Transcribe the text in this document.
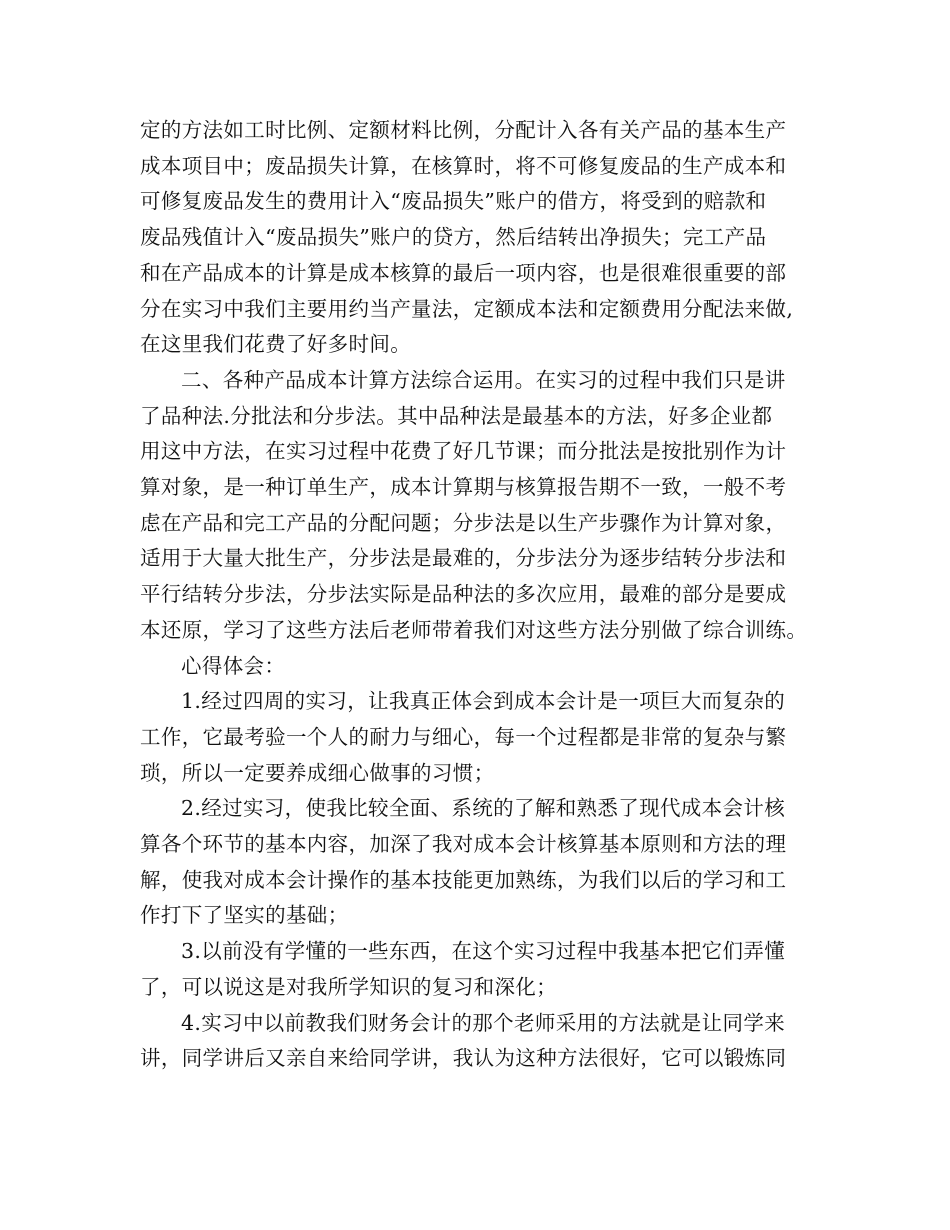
定的方法如工时比例、定额材料比例，分配计入各有关产品的基本生产
成本项目中；废品损失计算，在核算时，将不可修复废品的生产成本和
可修复废品发生的费用计入“废品损失”账户的借方，将受到的赔款和
废品残值计入“废品损失”账户的贷方，然后结转出净损失；完工产品
和在产品成本的计算是成本核算的最后一项内容，也是很难很重要的部
分在实习中我们主要用约当产量法，定额成本法和定额费用分配法来做,
在这里我们花费了好多时间。

二、各种产品成本计算方法综合运用。在实习的过程中我们只是讲
了品种法.分批法和分步法。其中品种法是最基本的方法，好多企业都
用这中方法，在实习过程中花费了好几节课；而分批法是按批别作为计
算对象，是一种订单生产，成本计算期与核算报告期不一致，一般不考
虑在产品和完工产品的分配问题；分步法是以生产步骤作为计算对象，
适用于大量大批生产，分步法是最难的，分步法分为逐步结转分步法和
平行结转分步法，分步法实际是品种法的多次应用，最难的部分是要成
本还原，学习了这些方法后老师带着我们对这些方法分别做了综合训练。

心得体会：

1.经过四周的实习，让我真正体会到成本会计是一项巨大而复杂的
工作，它最考验一个人的耐力与细心，每一个过程都是非常的复杂与繁
琐，所以一定要养成细心做事的习惯；

2.经过实习，使我比较全面、系统的了解和熟悉了现代成本会计核
算各个环节的基本内容，加深了我对成本会计核算基本原则和方法的理
解，使我对成本会计操作的基本技能更加熟练，为我们以后的学习和工
作打下了坚实的基础；

3.以前没有学懂的一些东西，在这个实习过程中我基本把它们弄懂
了，可以说这是对我所学知识的复习和深化；

4.实习中以前教我们财务会计的那个老师采用的方法就是让同学来
讲，同学讲后又亲自来给同学讲，我认为这种方法很好，它可以锻炼同
